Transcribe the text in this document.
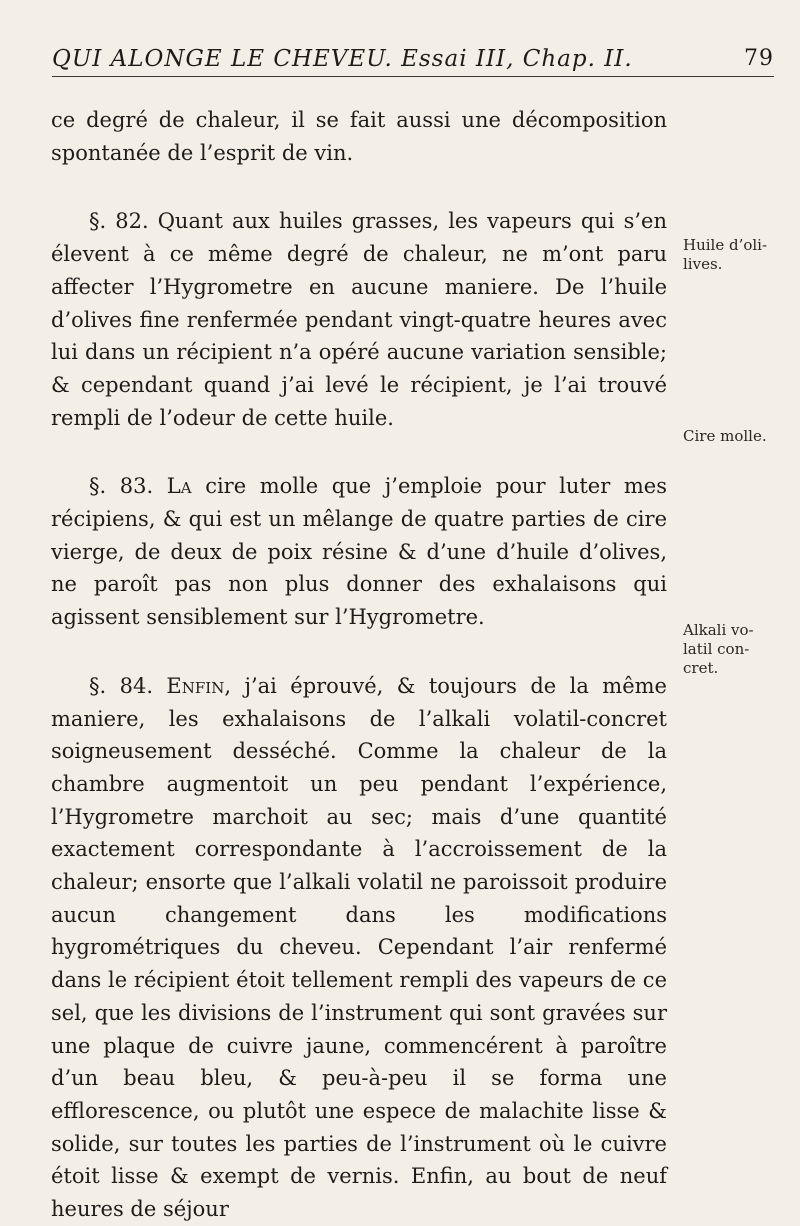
QUI ALONGE LE CHEVEU. Essai III, Chap. II.	79

ce degré de chaleur, il se fait aussi une décomposition spontanée de l’esprit de vin.

§. 82. Quant aux huiles grasses, les vapeurs qui s’en élevent à ce même degré de chaleur, ne m’ont paru affecter l’Hygrometre en aucune maniere. De l’huile d’olives fine renfermée pendant vingt-quatre heures avec lui dans un récipient n’a opéré aucune variation sensible; & cependant quand j’ai levé le récipient, je l’ai trouvé rempli de l’odeur de cette huile.

§. 83. La cire molle que j’emploie pour luter mes récipiens, & qui est un mêlange de quatre parties de cire vierge, de deux de poix résine & d’une d’huile d’olives, ne paroît pas non plus donner des exhalaisons qui agissent sensiblement sur l’Hygrometre.

§. 84. Enfin, j’ai éprouvé, & toujours de la même maniere, les exhalaisons de l’alkali volatil-concret soigneusement desséché. Comme la chaleur de la chambre augmentoit un peu pendant l’expérience, l’Hygrometre marchoit au sec; mais d’une quantité exactement correspondante à l’accroissement de la chaleur; ensorte que l’alkali volatil ne paroissoit produire aucun changement dans les modifications hygrométriques du cheveu. Cependant l’air renfermé dans le récipient étoit tellement rempli des vapeurs de ce sel, que les divisions de l’instrument qui sont gravées sur une plaque de cuivre jaune, commencérent à paroître d’un beau bleu, & peu-à-peu il se forma une efflorescence, ou plutôt une espece de malachite lisse & solide, sur toutes les parties de l’instrument où le cuivre étoit lisse & exempt de vernis. Enfin, au bout de neuf heures de séjour

Huile d’oli-
lives.
Cire molle.
Alkali vo-
latil con-
cret.
